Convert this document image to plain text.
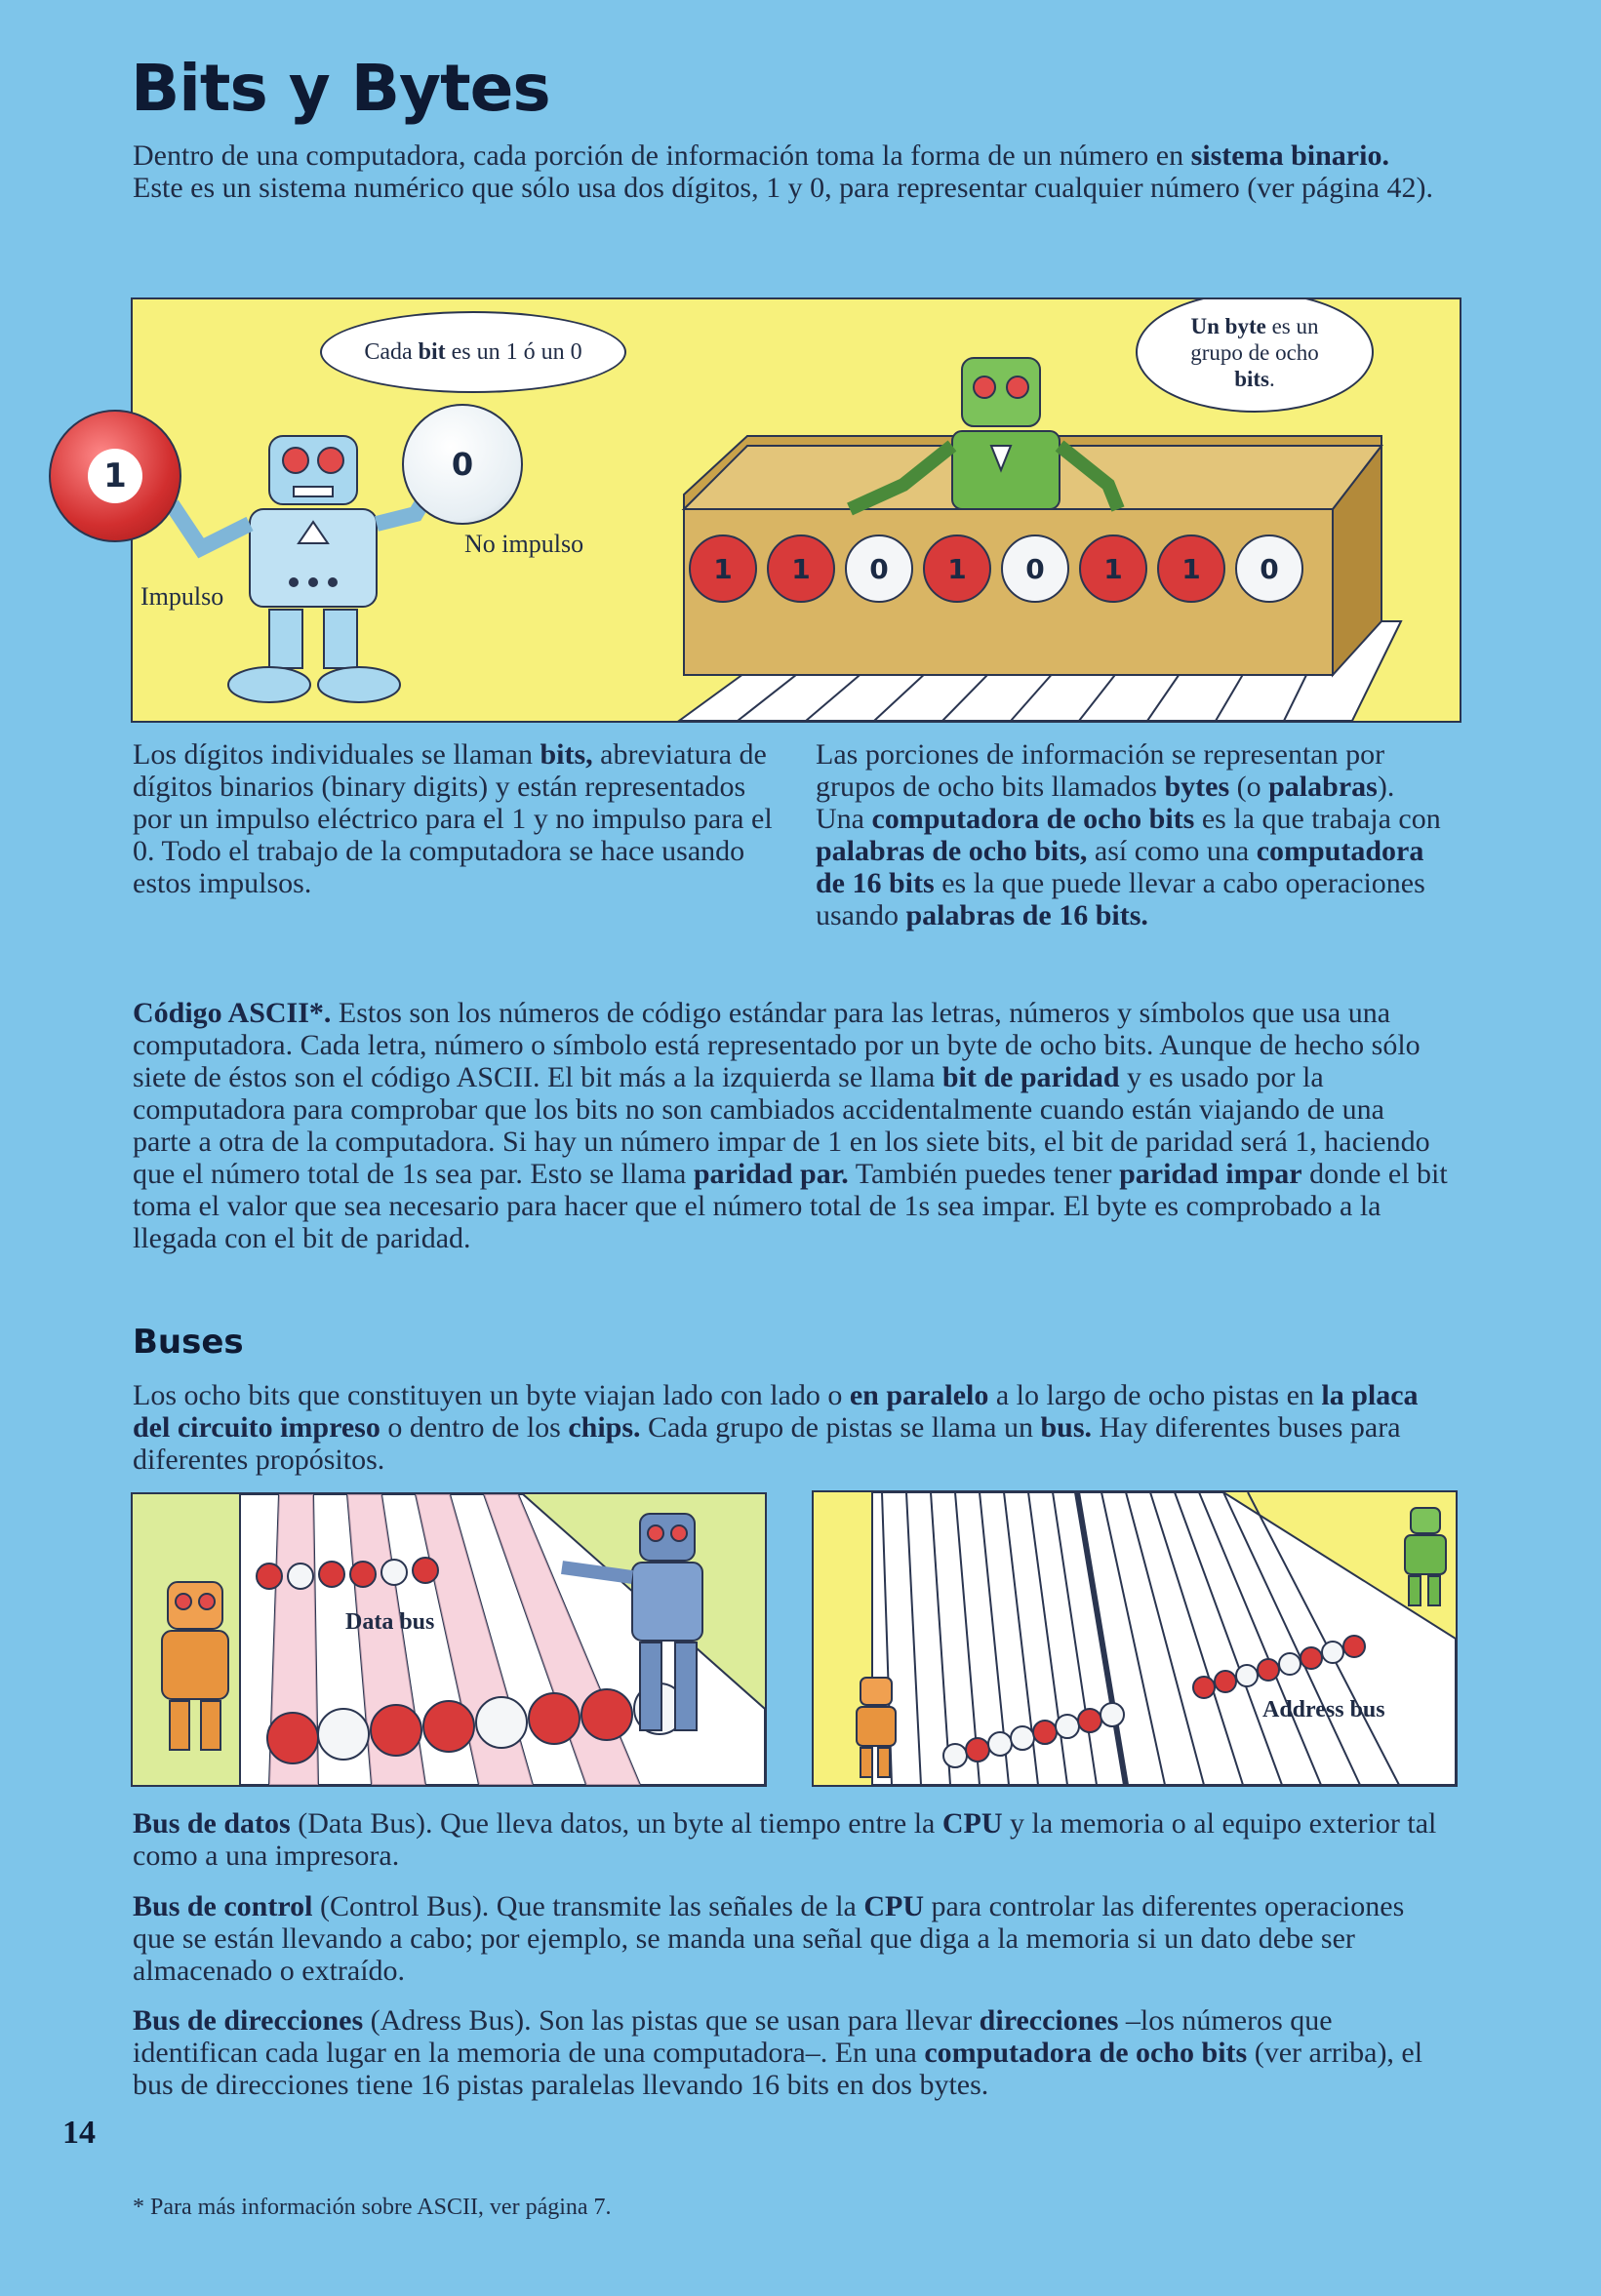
Bits y Bytes
Dentro de una computadora, cada porción de información toma la forma de un número en sistema binario. Este es un sistema numérico que sólo usa dos dígitos, 1 y 0, para representar cualquier número (ver página 42).
Cada bit es un 1 ó un 0
Un byte es un grupo de ocho bits.
Impulso
No impulso
1	0
1 1 0 1 0 1 1 0
Los dígitos individuales se llaman bits, abreviatura de dígitos binarios (binary digits) y están representados por un impulso eléctrico para el 1 y no impulso para el 0. Todo el trabajo de la computadora se hace usando estos impulsos.
Las porciones de información se representan por grupos de ocho bits llamados bytes (o palabras). Una computadora de ocho bits es la que trabaja con palabras de ocho bits, así como una computadora de 16 bits es la que puede llevar a cabo operaciones usando palabras de 16 bits.
Código ASCII*. Estos son los números de código estándar para las letras, números y símbolos que usa una computadora. Cada letra, número o símbolo está representado por un byte de ocho bits. Aunque de hecho sólo siete de éstos son el código ASCII. El bit más a la izquierda se llama bit de paridad y es usado por la computadora para comprobar que los bits no son cambiados accidentalmente cuando están viajando de una parte a otra de la computadora. Si hay un número impar de 1 en los siete bits, el bit de paridad será 1, haciendo que el número total de 1s sea par. Esto se llama paridad par. También puedes tener paridad impar donde el bit toma el valor que sea necesario para hacer que el número total de 1s sea impar. El byte es comprobado a la llegada con el bit de paridad.
Buses
Los ocho bits que constituyen un byte viajan lado con lado o en paralelo a lo largo de ocho pistas en la placa del circuito impreso o dentro de los chips. Cada grupo de pistas se llama un bus. Hay diferentes buses para diferentes propósitos.
Data bus
Address bus
Bus de datos (Data Bus). Que lleva datos, un byte al tiempo entre la CPU y la memoria o al equipo exterior tal como a una impresora.
Bus de control (Control Bus). Que transmite las señales de la CPU para controlar las diferentes operaciones que se están llevando a cabo; por ejemplo, se manda una señal que diga a la memoria si un dato debe ser almacenado o extraído.
Bus de direcciones (Adress Bus). Son las pistas que se usan para llevar direcciones –los números que identifican cada lugar en la memoria de una computadora–. En una computadora de ocho bits (ver arriba), el bus de direcciones tiene 16 pistas paralelas llevando 16 bits en dos bytes.
14
* Para más información sobre ASCII, ver página 7.
